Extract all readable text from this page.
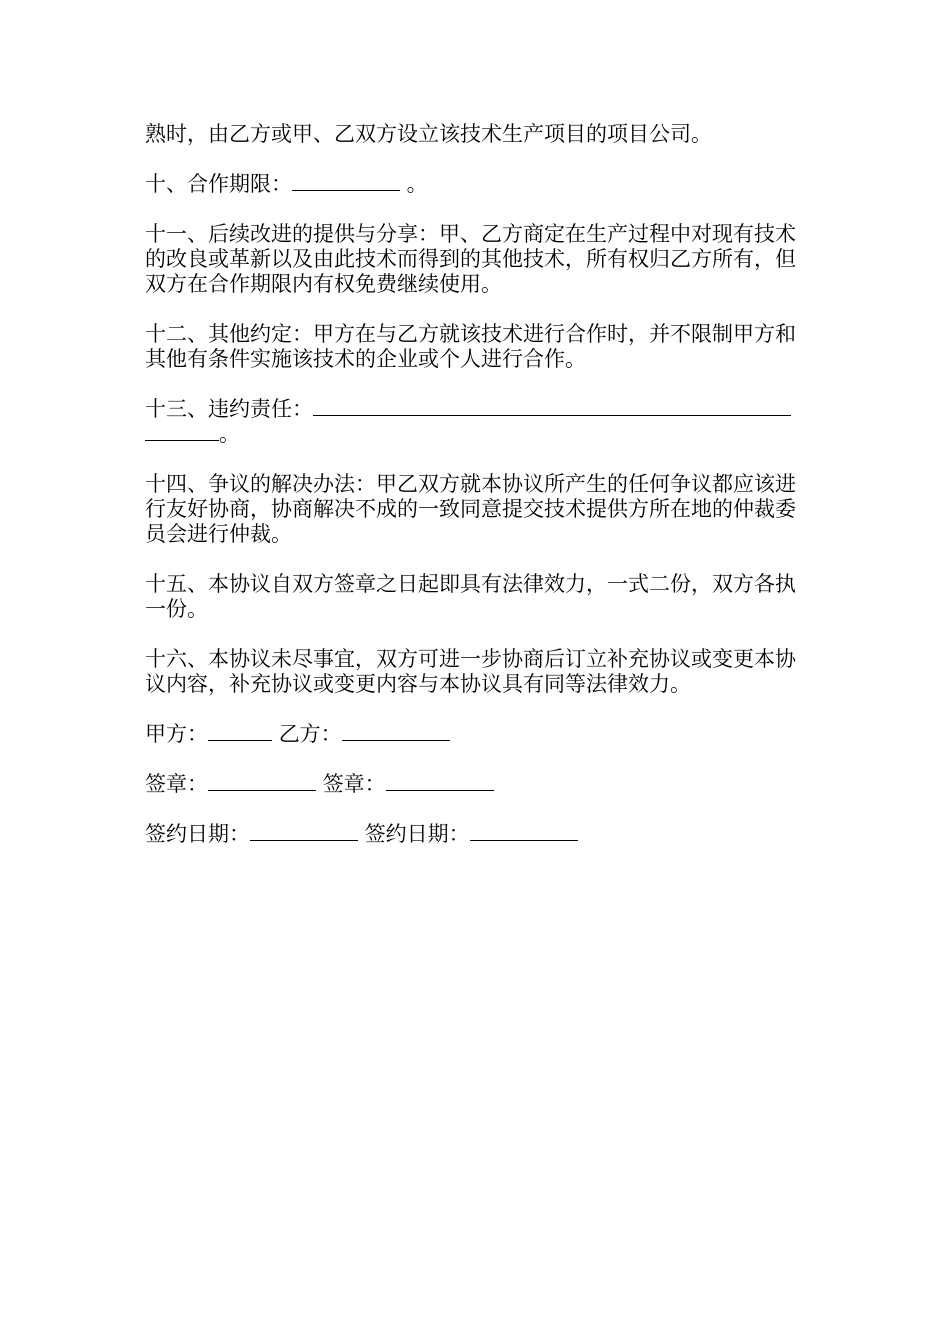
熟时，由乙方或甲、乙双方设立该技术生产项目的项目公司。

十、合作期限：	。

十一、后续改进的提供与分享：甲、乙方商定在生产过程中对现有技术的改良或革新以及由此技术而得到的其他技术，所有权归乙方所有，但双方在合作期限内有权免费继续使用。

十二、其他约定：甲方在与乙方就该技术进行合作时，并不限制甲方和其他有条件实施该技术的企业或个人进行合作。

十三、违约责任：
。

十四、争议的解决办法：甲乙双方就本协议所产生的任何争议都应该进行友好协商，协商解决不成的一致同意提交技术提供方所在地的仲裁委员会进行仲裁。

十五、本协议自双方签章之日起即具有法律效力，一式二份，双方各执一份。

十六、本协议未尽事宜，双方可进一步协商后订立补充协议或变更本协议内容，补充协议或变更内容与本协议具有同等法律效力。

甲方：	乙方：
签章：	签章：
签约日期：	签约日期：
